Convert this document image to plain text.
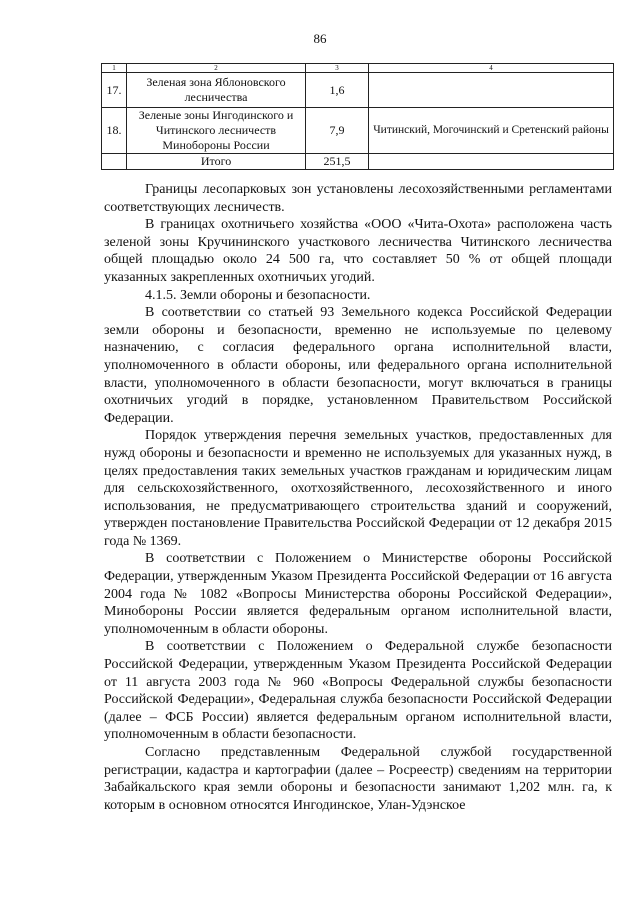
86
1	2	3	4
17.	Зеленая зона Яблоновского лесничества	1,6	
18.	Зеленые зоны Ингодинского и Читинского лесничеств Минобороны России	7,9	Читинский, Могочинский и Сретенский районы
	Итого	251,5	

Границы лесопарковых зон установлены лесохозяйственными регламентами соответствующих лесничеств.

В границах охотничьего хозяйства «ООО «Чита-Охота» расположена часть зеленой зоны Кручининского участкового лесничества Читинского лесничества общей площадью около 24 500 га, что составляет 50 % от общей площади указанных закрепленных охотничьих угодий.

4.1.5. Земли обороны и безопасности.

В соответствии со статьей 93 Земельного кодекса Российской Федерации земли обороны и безопасности, временно не используемые по целевому назначению, с согласия федерального органа исполнительной власти, уполномоченного в области обороны, или федерального органа исполнительной власти, уполномоченного в области безопасности, могут включаться в границы охотничьих угодий в порядке, установленном Правительством Российской Федерации.

Порядок утверждения перечня земельных участков, предоставленных для нужд обороны и безопасности и временно не используемых для указанных нужд, в целях предоставления таких земельных участков гражданам и юридическим лицам для сельскохозяйственного, охотхозяйственного, лесохозяйственного и иного использования, не предусматривающего строительства зданий и сооружений, утвержден постановление Правительства Российской Федерации от 12 декабря 2015 года № 1369.

В соответствии с Положением о Министерстве обороны Российской Федерации, утвержденным Указом Президента Российской Федерации от 16 августа 2004 года № 1082 «Вопросы Министерства обороны Российской Федерации», Минобороны России является федеральным органом исполнительной власти, уполномоченным в области обороны.

В соответствии с Положением о Федеральной службе безопасности Российской Федерации, утвержденным Указом Президента Российской Федерации от 11 августа 2003 года № 960 «Вопросы Федеральной службы безопасности Российской Федерации», Федеральная служба безопасности Российской Федерации (далее – ФСБ России) является федеральным органом исполнительной власти, уполномоченным в области безопасности.

Согласно представленным Федеральной службой государственной регистрации, кадастра и картографии (далее – Росреестр) сведениям на территории Забайкальского края земли обороны и безопасности занимают 1,202 млн. га, к которым в основном относятся Ингодинское, Улан-Удэнское
